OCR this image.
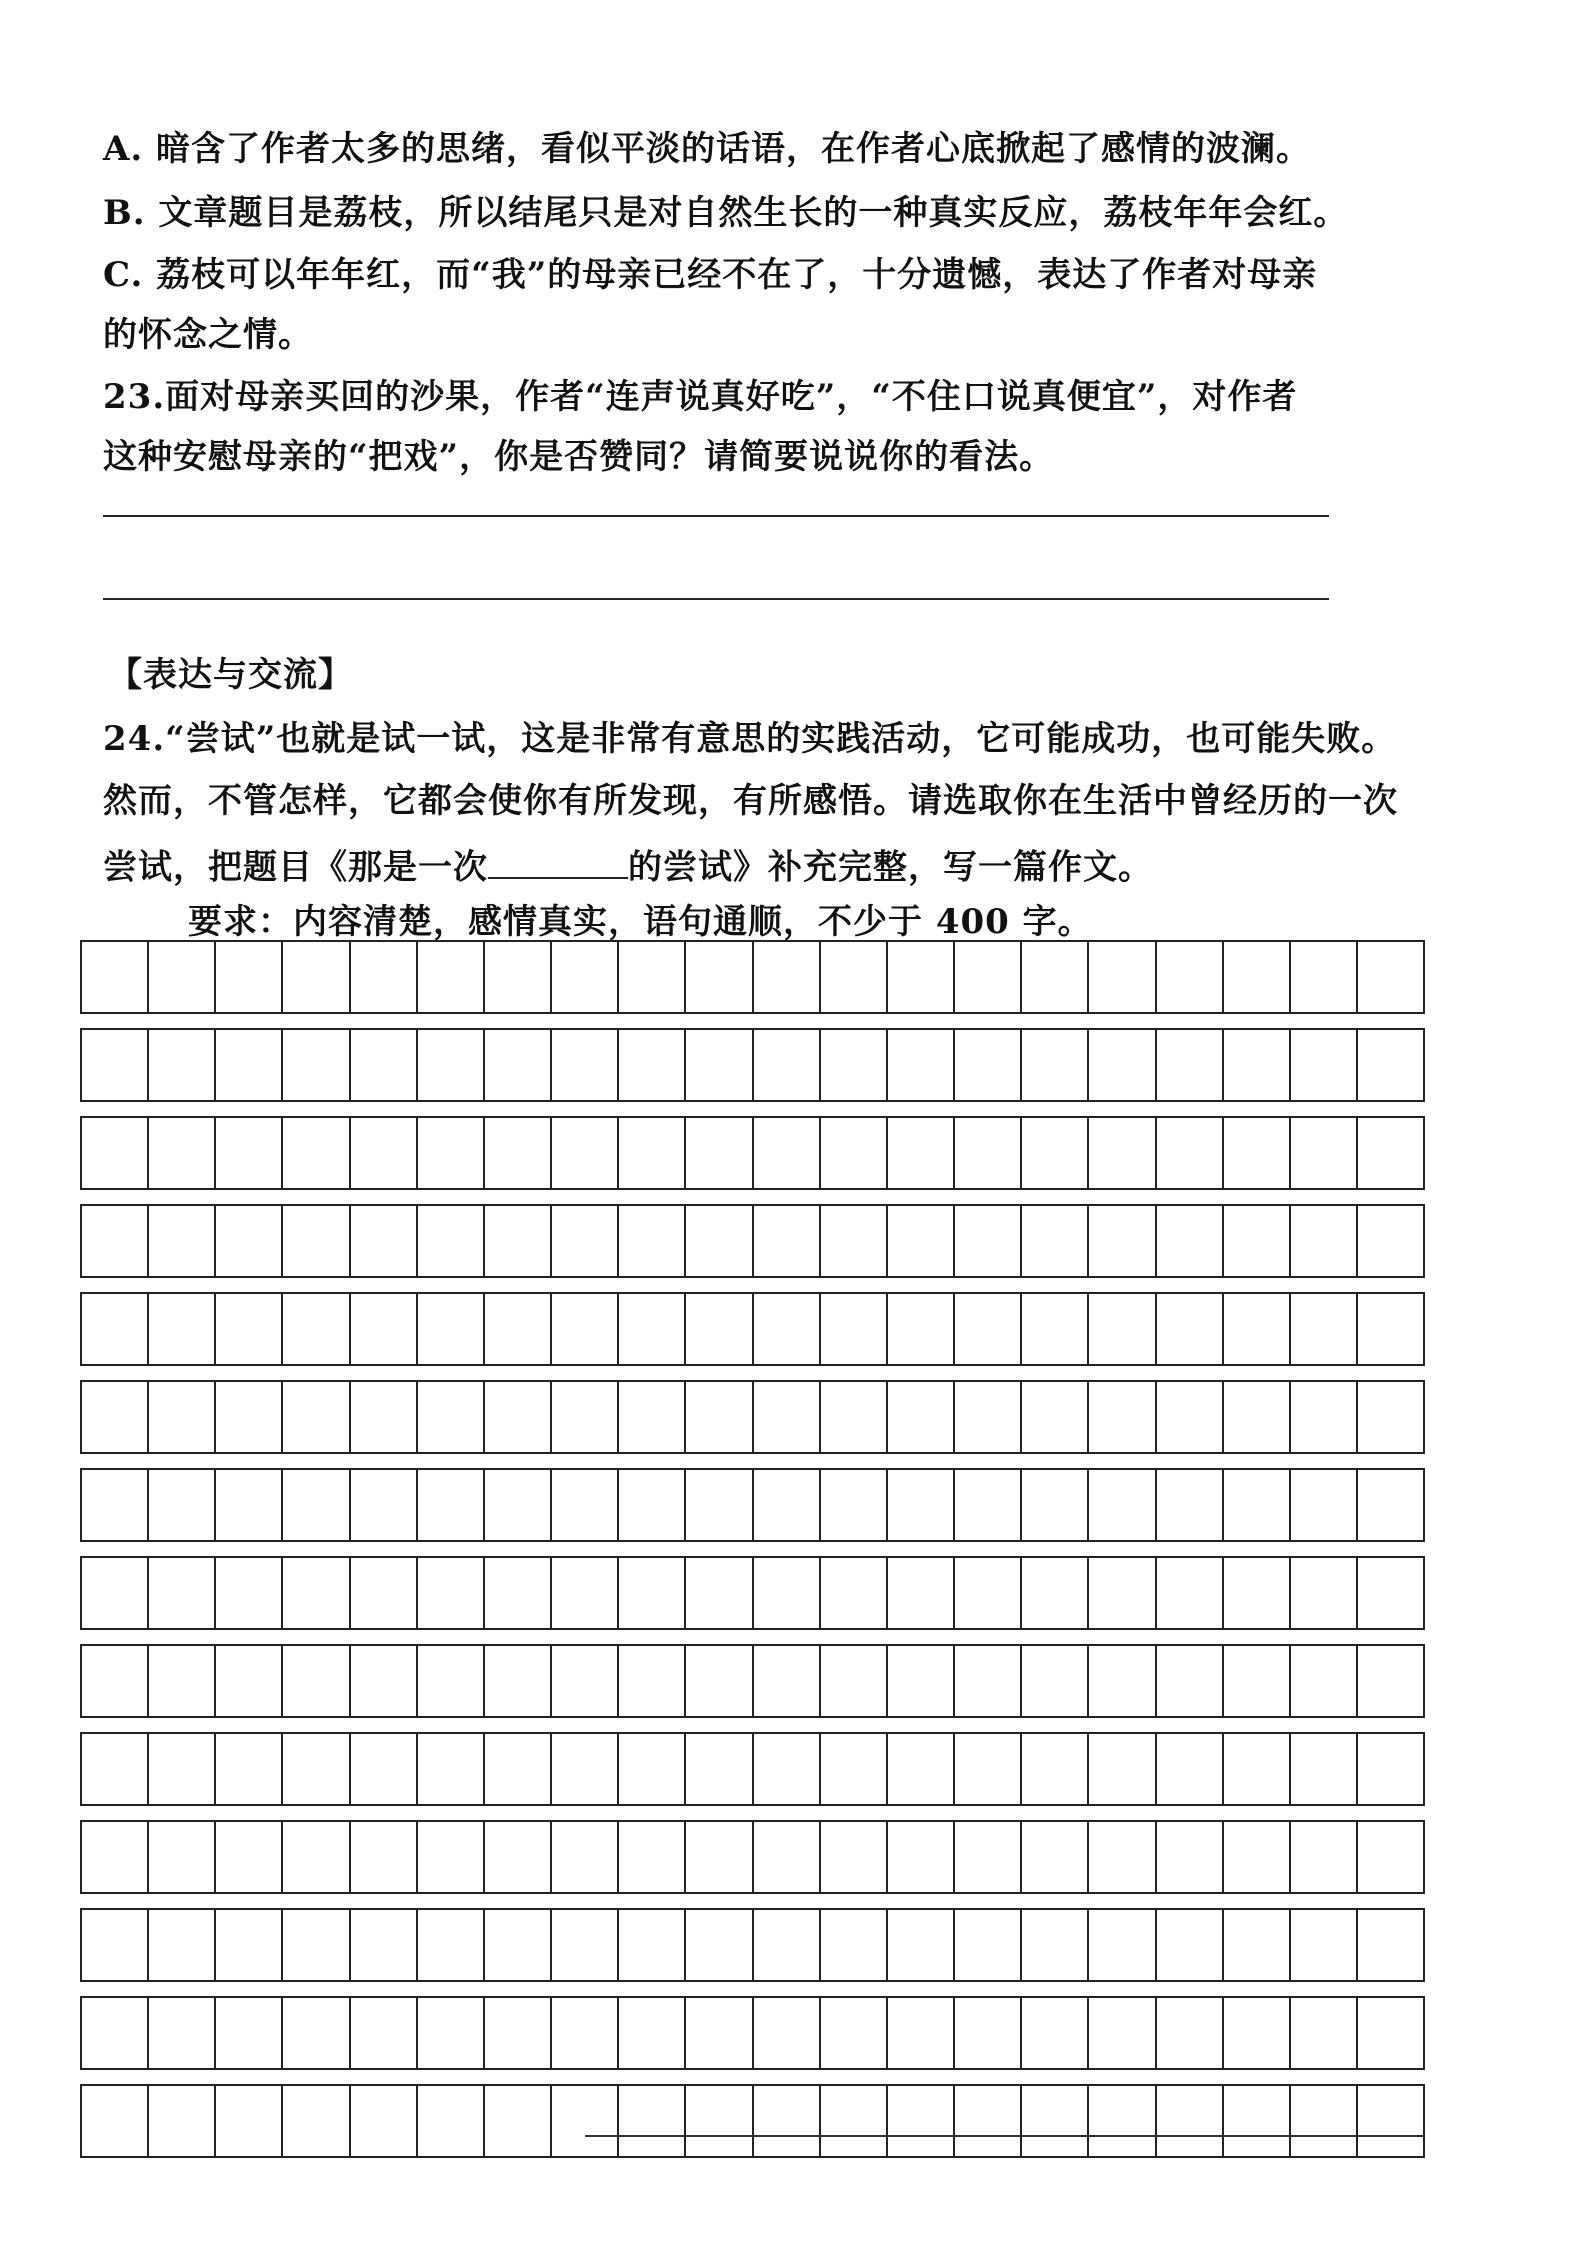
A. 暗含了作者太多的思绪，看似平淡的话语，在作者心底掀起了感情的波澜。
B. 文章题目是荔枝，所以结尾只是对自然生长的一种真实反应，荔枝年年会红。
C. 荔枝可以年年红，而“我”的母亲已经不在了，十分遗憾，表达了作者对母亲
的怀念之情。
23.面对母亲买回的沙果，作者“连声说真好吃”，“不住口说真便宜”，对作者
这种安慰母亲的“把戏”，你是否赞同？请简要说说你的看法。
【表达与交流】
24.“尝试”也就是试一试，这是非常有意思的实践活动，它可能成功，也可能失败。
然而，不管怎样，它都会使你有所发现，有所感悟。请选取你在生活中曾经历的一次
尝试，把题目《那是一次	的尝试》补充完整，写一篇作文。
要求：内容清楚，感情真实，语句通顺，不少于 400 字。
